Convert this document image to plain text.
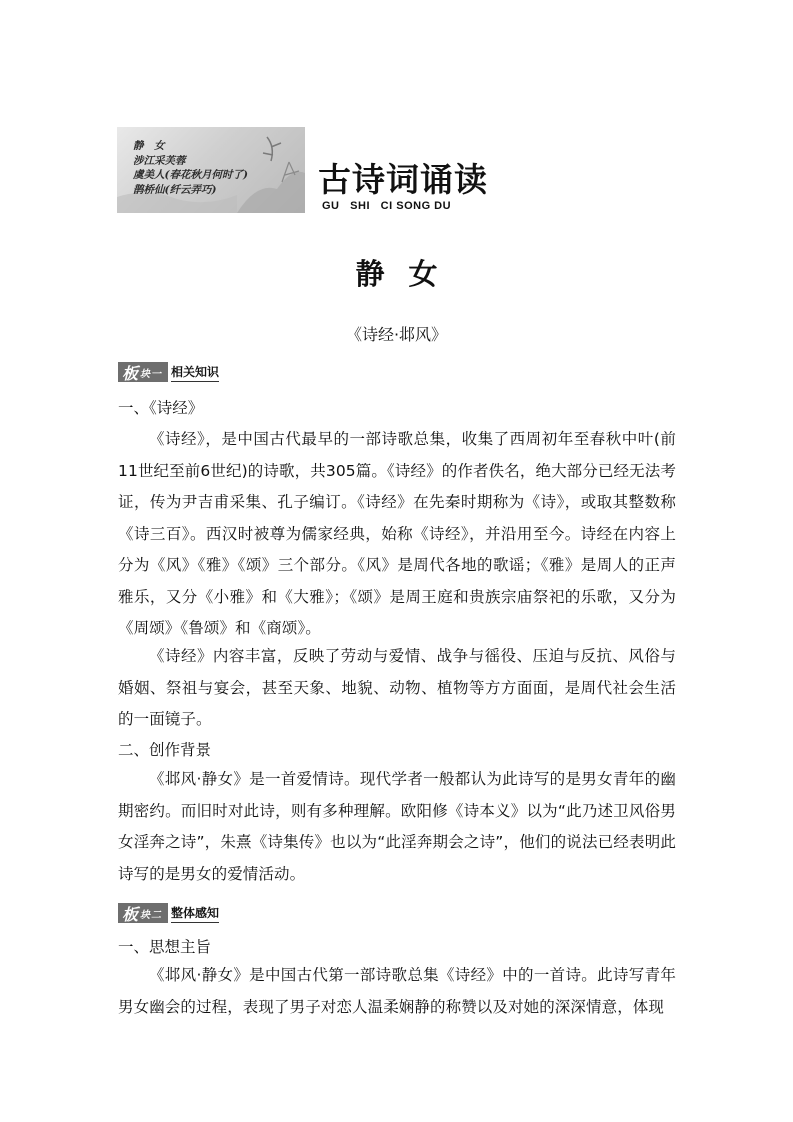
静　女
涉江采芙蓉
虞美人(春花秋月何时了)
鹊桥仙(纤云弄巧)	古诗词诵读
GU   SHI   CI SONG DU
静女
《诗经·邶风》
板 块一 相关知识
一、《诗经》

《诗经》，是中国古代最早的一部诗歌总集，收集了西周初年至春秋中叶(前11世纪至前6世纪)的诗歌，共305篇。《诗经》的作者佚名，绝大部分已经无法考证，传为尹吉甫采集、孔子编订。《诗经》在先秦时期称为《诗》，或取其整数称《诗三百》。西汉时被尊为儒家经典，始称《诗经》，并沿用至今。诗经在内容上分为《风》《雅》《颂》三个部分。《风》是周代各地的歌谣；《雅》是周人的正声雅乐，又分《小雅》和《大雅》；《颂》是周王庭和贵族宗庙祭祀的乐歌，又分为《周颂》《鲁颂》和《商颂》。

《诗经》内容丰富，反映了劳动与爱情、战争与徭役、压迫与反抗、风俗与婚姻、祭祖与宴会，甚至天象、地貌、动物、植物等方方面面，是周代社会生活的一面镜子。

二、创作背景

《邶风·静女》是一首爱情诗。现代学者一般都认为此诗写的是男女青年的幽期密约。而旧时对此诗，则有多种理解。欧阳修《诗本义》以为“此乃述卫风俗男女淫奔之诗”，朱熹《诗集传》也以为“此淫奔期会之诗”，他们的说法已经表明此诗写的是男女的爱情活动。

板 块二 整体感知
一、思想主旨

《邶风·静女》是中国古代第一部诗歌总集《诗经》中的一首诗。此诗写青年男女幽会的过程，表现了男子对恋人温柔娴静的称赞以及对她的深深情意，体现
